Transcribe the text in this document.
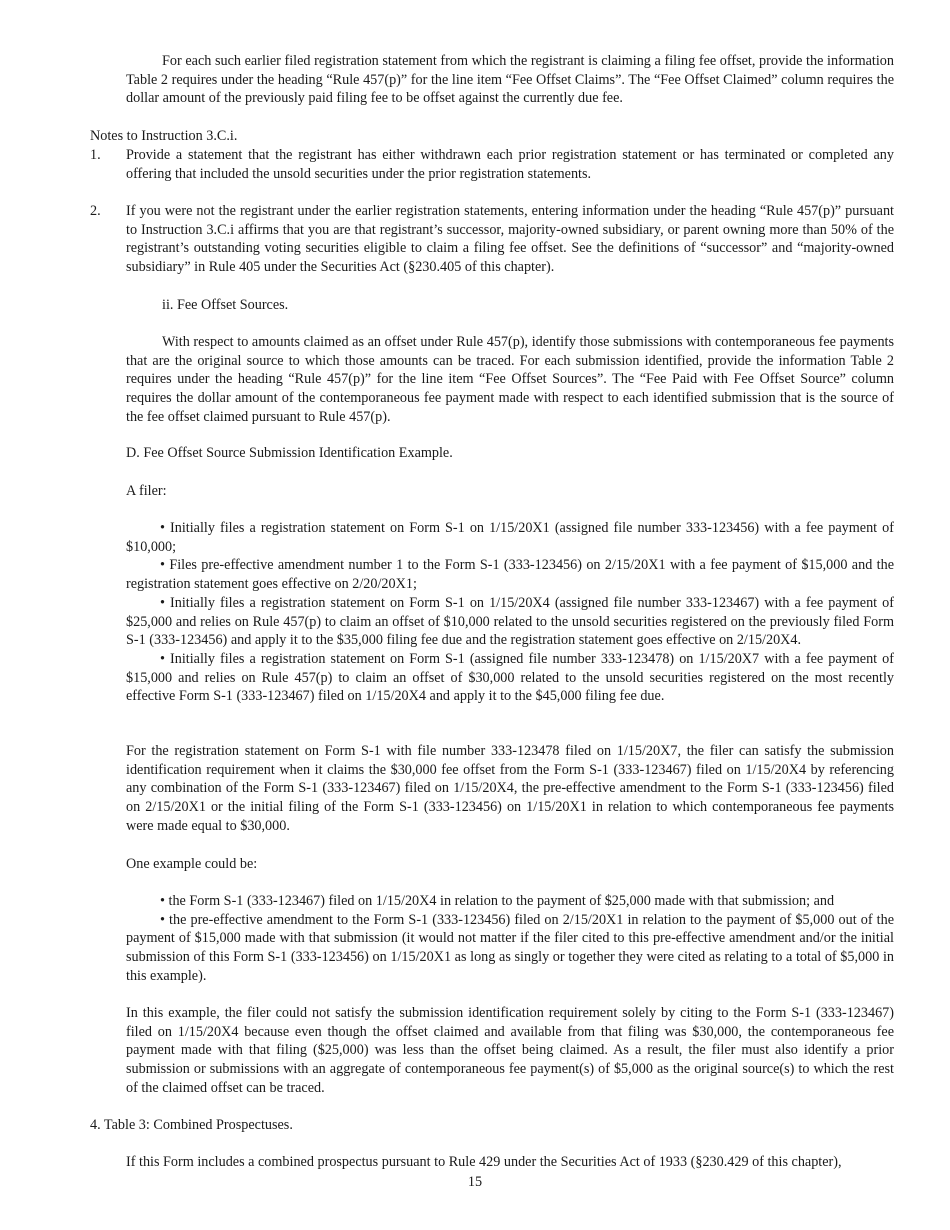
For each such earlier filed registration statement from which the registrant is claiming a filing fee offset, provide the information Table 2 requires under the heading “Rule 457(p)” for the line item “Fee Offset Claims”. The “Fee Offset Claimed” column requires the dollar amount of the previously paid filing fee to be offset against the currently due fee.

Notes to Instruction 3.C.i.

1. Provide a statement that the registrant has either withdrawn each prior registration statement or has terminated or completed any offering that included the unsold securities under the prior registration statements.

2. If you were not the registrant under the earlier registration statements, entering information under the heading “Rule 457(p)” pursuant to Instruction 3.C.i affirms that you are that registrant’s successor, majority-owned subsidiary, or parent owning more than 50% of the registrant’s outstanding voting securities eligible to claim a filing fee offset. See the definitions of “successor” and “majority-owned subsidiary” in Rule 405 under the Securities Act (§230.405 of this chapter).

ii. Fee Offset Sources.

With respect to amounts claimed as an offset under Rule 457(p), identify those submissions with contemporaneous fee payments that are the original source to which those amounts can be traced. For each submission identified, provide the information Table 2 requires under the heading “Rule 457(p)” for the line item “Fee Offset Sources”. The “Fee Paid with Fee Offset Source” column requires the dollar amount of the contemporaneous fee payment made with respect to each identified submission that is the source of the fee offset claimed pursuant to Rule 457(p).

D. Fee Offset Source Submission Identification Example.

A filer:

• Initially files a registration statement on Form S-1 on 1/15/20X1 (assigned file number 333-123456) with a fee payment of $10,000;

• Files pre-effective amendment number 1 to the Form S-1 (333-123456) on 2/15/20X1 with a fee payment of $15,000 and the registration statement goes effective on 2/20/20X1;

• Initially files a registration statement on Form S-1 on 1/15/20X4 (assigned file number 333-123467) with a fee payment of $25,000 and relies on Rule 457(p) to claim an offset of $10,000 related to the unsold securities registered on the previously filed Form S-1 (333-123456) and apply it to the $35,000 filing fee due and the registration statement goes effective on 2/15/20X4.

• Initially files a registration statement on Form S-1 (assigned file number 333-123478) on 1/15/20X7 with a fee payment of $15,000 and relies on Rule 457(p) to claim an offset of $30,000 related to the unsold securities registered on the most recently effective Form S-1 (333-123467) filed on 1/15/20X4 and apply it to the $45,000 filing fee due.

For the registration statement on Form S-1 with file number 333-123478 filed on 1/15/20X7, the filer can satisfy the submission identification requirement when it claims the $30,000 fee offset from the Form S-1 (333-123467) filed on 1/15/20X4 by referencing any combination of the Form S-1 (333-123467) filed on 1/15/20X4, the pre-effective amendment to the Form S-1 (333-123456) filed on 2/15/20X1 or the initial filing of the Form S-1 (333-123456) on 1/15/20X1 in relation to which contemporaneous fee payments were made equal to $30,000.

One example could be:

• the Form S-1 (333-123467) filed on 1/15/20X4 in relation to the payment of $25,000 made with that submission; and

• the pre-effective amendment to the Form S-1 (333-123456) filed on 2/15/20X1 in relation to the payment of $5,000 out of the payment of $15,000 made with that submission (it would not matter if the filer cited to this pre-effective amendment and/or the initial submission of this Form S-1 (333-123456) on 1/15/20X1 as long as singly or together they were cited as relating to a total of $5,000 in this example).

In this example, the filer could not satisfy the submission identification requirement solely by citing to the Form S-1 (333-123467) filed on 1/15/20X4 because even though the offset claimed and available from that filing was $30,000, the contemporaneous fee payment made with that filing ($25,000) was less than the offset being claimed. As a result, the filer must also identify a prior submission or submissions with an aggregate of contemporaneous fee payment(s) of $5,000 as the original source(s) to which the rest of the claimed offset can be traced.

4. Table 3: Combined Prospectuses.

If this Form includes a combined prospectus pursuant to Rule 429 under the Securities Act of 1933 (§230.429 of this chapter),

15
